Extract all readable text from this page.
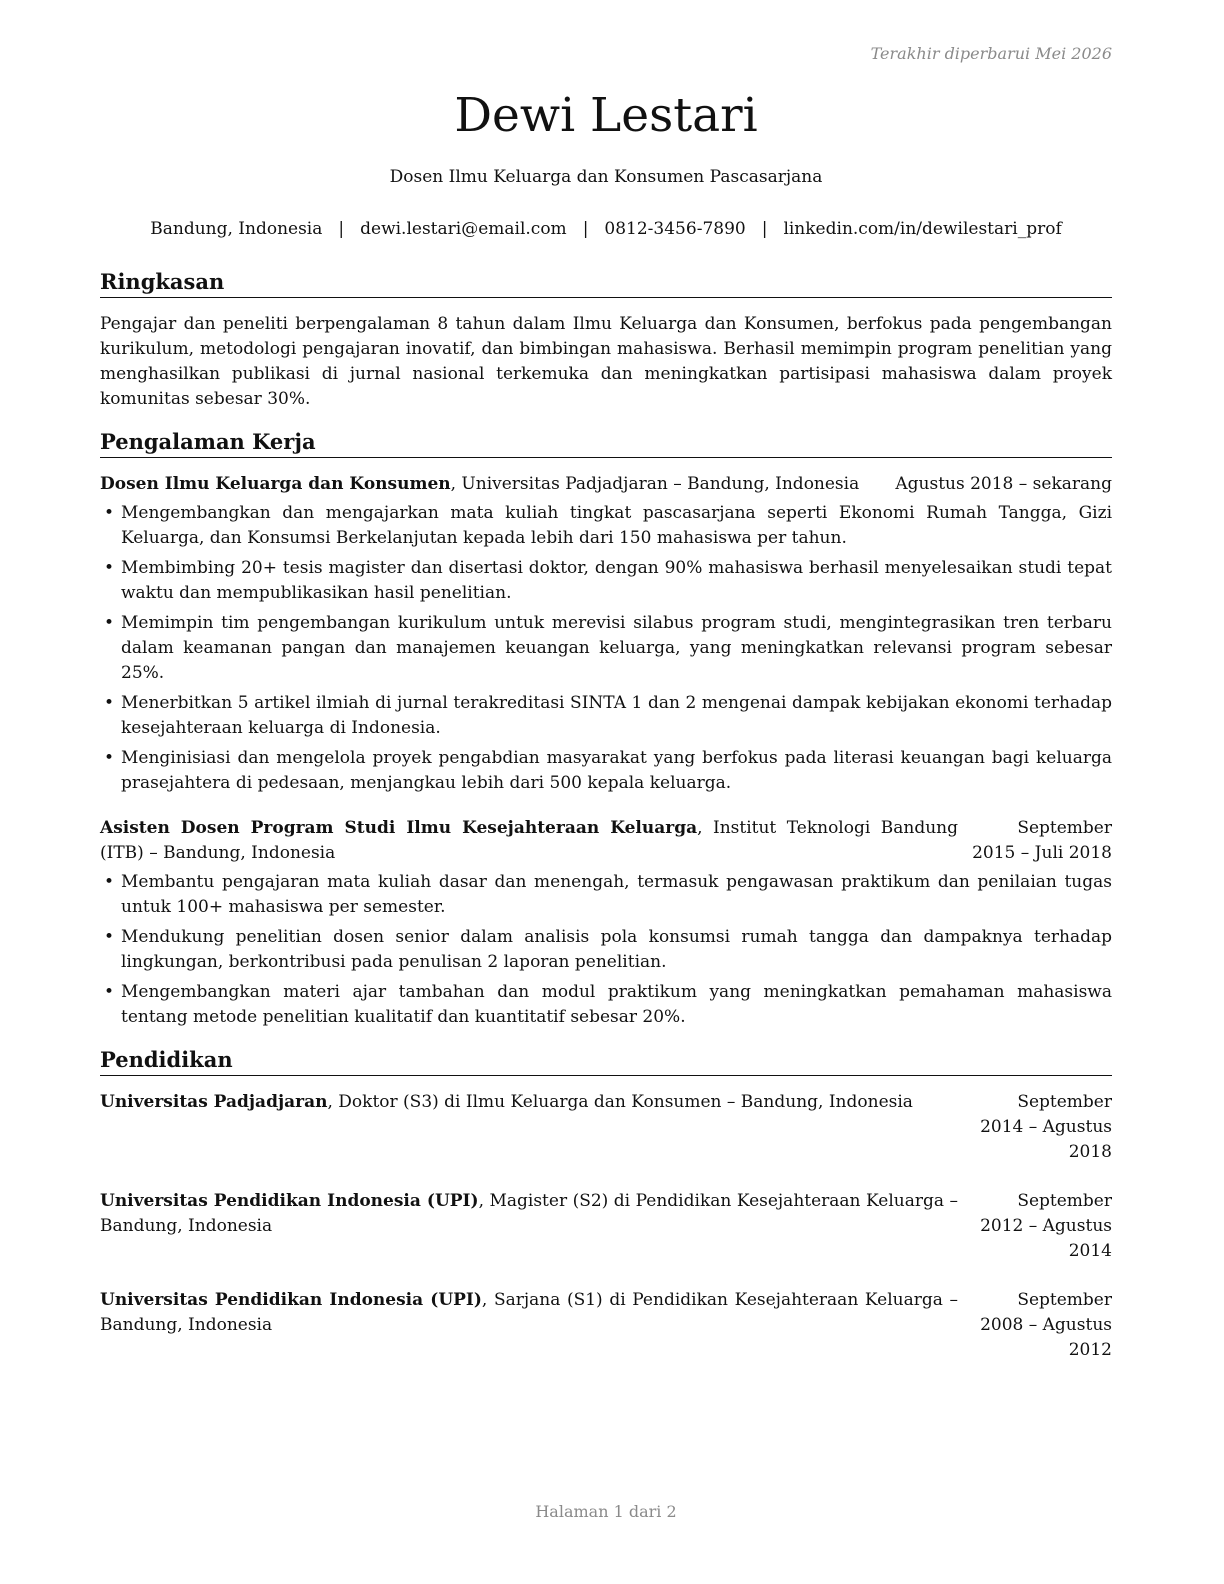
Terakhir diperbarui Mei 2026
Dewi Lestari
Dosen Ilmu Keluarga dan Konsumen Pascasarjana
Bandung, Indonesia | dewi.lestari@email.com | 0812-3456-7890 | linkedin.com/in/dewilestari_prof
Ringkasan

Pengajar dan peneliti berpengalaman 8 tahun dalam Ilmu Keluarga dan Konsumen, berfokus pada pengembangan kurikulum, metodologi pengajaran inovatif, dan bimbingan mahasiswa. Berhasil memimpin program penelitian yang menghasilkan publikasi di jurnal nasional terkemuka dan meningkatkan partisipasi mahasiswa dalam proyek komunitas sebesar 30%.

Pengalaman Kerja
Dosen Ilmu Keluarga dan Konsumen, Universitas Padjadjaran – Bandung, Indonesia	Agustus 2018 – sekarang
• Mengembangkan dan mengajarkan mata kuliah tingkat pascasarjana seperti Ekonomi Rumah Tangga, Gizi Keluarga, dan Konsumsi Berkelanjutan kepada lebih dari 150 mahasiswa per tahun.
• Membimbing 20+ tesis magister dan disertasi doktor, dengan 90% mahasiswa berhasil menyelesaikan studi tepat waktu dan mempublikasikan hasil penelitian.
• Memimpin tim pengembangan kurikulum untuk merevisi silabus program studi, mengintegrasikan tren terbaru dalam keamanan pangan dan manajemen keuangan keluarga, yang meningkatkan relevansi program sebesar 25%.
• Menerbitkan 5 artikel ilmiah di jurnal terakreditasi SINTA 1 dan 2 mengenai dampak kebijakan ekonomi terhadap kesejahteraan keluarga di Indonesia.
• Menginisiasi dan mengelola proyek pengabdian masyarakat yang berfokus pada literasi keuangan bagi keluarga prasejahtera di pedesaan, menjangkau lebih dari 500 kepala keluarga.
Asisten Dosen Program Studi Ilmu Kesejahteraan Keluarga, Institut Teknologi Bandung (ITB) – Bandung, Indonesia
September 2015 – Juli 2018
• Membantu pengajaran mata kuliah dasar dan menengah, termasuk pengawasan praktikum dan penilaian tugas untuk 100+ mahasiswa per semester.
• Mendukung penelitian dosen senior dalam analisis pola konsumsi rumah tangga dan dampaknya terhadap lingkungan, berkontribusi pada penulisan 2 laporan penelitian.
• Mengembangkan materi ajar tambahan dan modul praktikum yang meningkatkan pemahaman mahasiswa tentang metode penelitian kualitatif dan kuantitatif sebesar 20%.
Pendidikan
Universitas Padjadjaran, Doktor (S3) di Ilmu Keluarga dan Konsumen – Bandung, Indonesia	September 2014 – Agustus 2018
Universitas Pendidikan Indonesia (UPI), Magister (S2) di Pendidikan Kesejahteraan Keluarga – Bandung, Indonesia
September 2012 – Agustus 2014
Universitas Pendidikan Indonesia (UPI), Sarjana (S1) di Pendidikan Kesejahteraan Keluarga – Bandung, Indonesia
September 2008 – Agustus 2012
Halaman 1 dari 2
